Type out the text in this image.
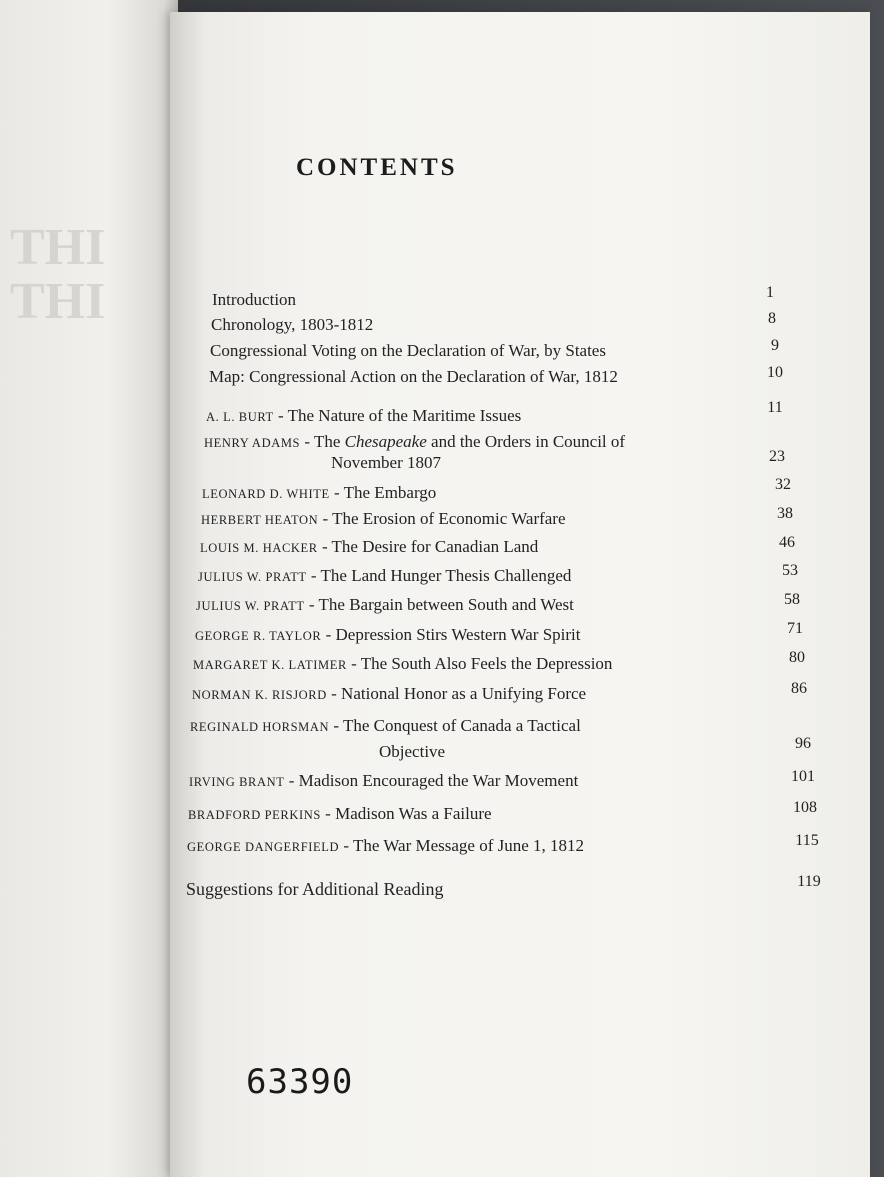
THI
THI
CONTENTS
Introduction	1
Chronology, 1803-1812	8
Congressional Voting on the Declaration of War, by States	9
Map: Congressional Action on the Declaration of War, 1812	10
A. L. BURT - The Nature of the Maritime Issues	11
HENRY ADAMS - The Chesapeake and the Orders in Council of
November 1807	23
LEONARD D. WHITE - The Embargo	32
HERBERT HEATON - The Erosion of Economic Warfare	38
LOUIS M. HACKER - The Desire for Canadian Land	46
JULIUS W. PRATT - The Land Hunger Thesis Challenged	53
JULIUS W. PRATT - The Bargain between South and West	58
GEORGE R. TAYLOR - Depression Stirs Western War Spirit	71
MARGARET K. LATIMER - The South Also Feels the Depression	80
NORMAN K. RISJORD - National Honor as a Unifying Force	86
REGINALD HORSMAN - The Conquest of Canada a Tactical
Objective	96
IRVING BRANT - Madison Encouraged the War Movement	101
BRADFORD PERKINS - Madison Was a Failure	108
GEORGE DANGERFIELD - The War Message of June 1, 1812	115
Suggestions for Additional Reading	119
63390
